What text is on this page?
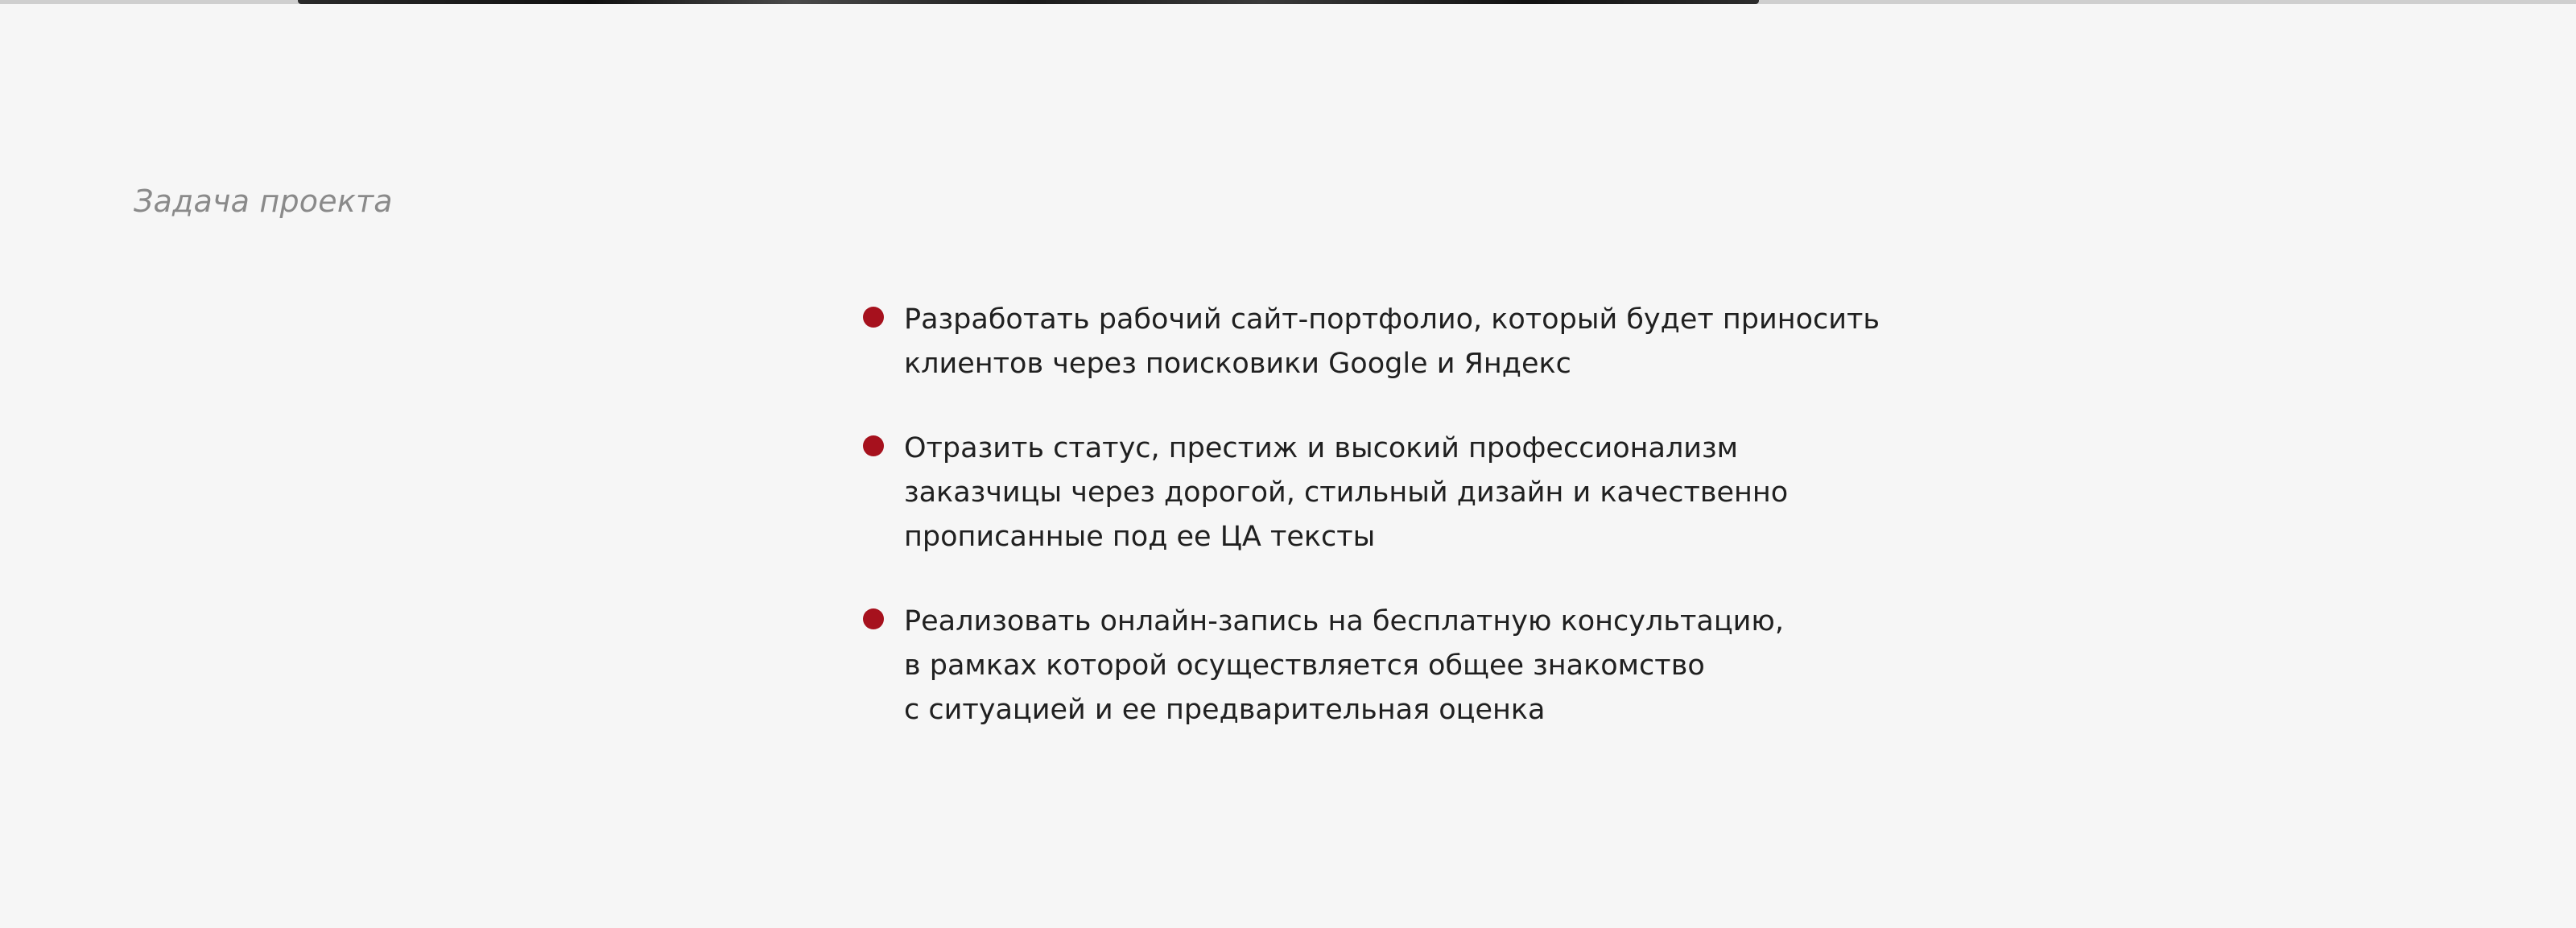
Задача проекта
Разработать рабочий сайт-портфолио, который будет приносить
клиентов через поисковики Google и Яндекс
Отразить статус, престиж и высокий профессионализм
заказчицы через дорогой, стильный дизайн и качественно
прописанные под ее ЦА тексты
Реализовать онлайн-запись на бесплатную консультацию,
в рамках которой осуществляется общее знакомство
с ситуацией и ее предварительная оценка
